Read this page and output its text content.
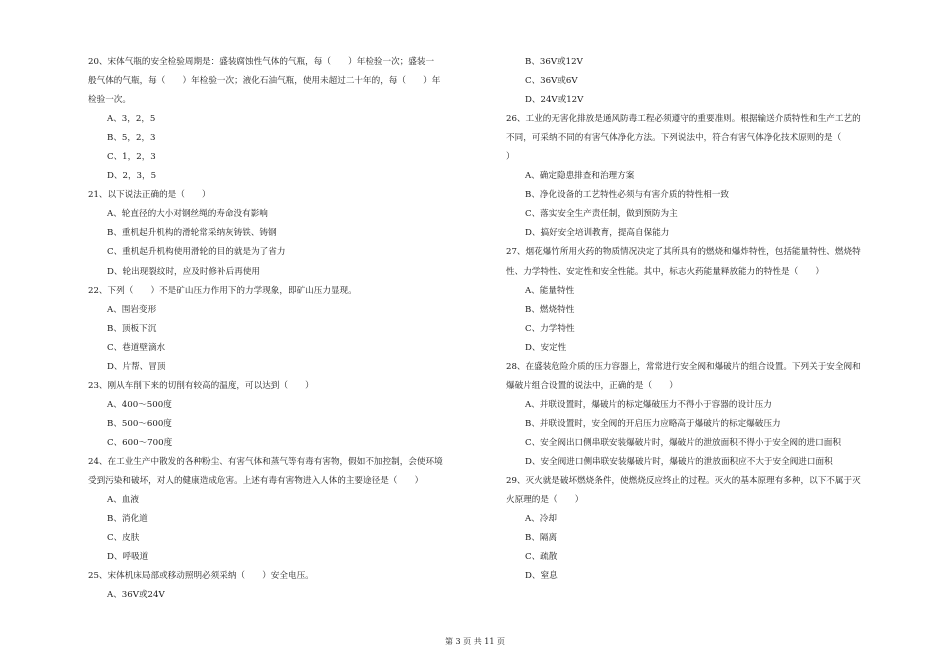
20、宋体气瓶的安全检验周期是：盛装腐蚀性气体的气瓶，每（　　）年检验一次；盛装一
般气体的气瓶，每（　　）年检验一次；液化石油气瓶，使用未超过二十年的，每（　　）年
检验一次。
A、3，2，5
B、5，2，3
C、1，2，3
D、2，3，5
21、以下说法正确的是（　　）
A、轮直径的大小对钢丝绳的寿命没有影响
B、重机起升机构的滑轮常采纳灰铸铁、铸钢
C、重机起升机构使用滑轮的目的就是为了省力
D、轮出现裂纹时，应及时修补后再使用
22、下列（　　）不是矿山压力作用下的力学现象，即矿山压力显现。
A、围岩变形
B、顶板下沉
C、巷道壁滴水
D、片帮、冒顶
23、刚从车削下来的切削有较高的温度，可以达到（　　）
A、400～500度
B、500～600度
C、600～700度
24、在工业生产中散发的各种粉尘、有害气体和蒸气等有毒有害物，假如不加控制，会使环境
受到污染和破坏，对人的健康造成危害。上述有毒有害物进入人体的主要途径是（　　）
A、血液
B、消化道
C、皮肤
D、呼吸道
25、宋体机床局部或移动照明必须采纳（　　）安全电压。
A、36V或24V
B、36V或12V
C、36V或6V
D、24V或12V
26、工业的无害化排放是通风防毒工程必须遵守的重要准则。根据输送介质特性和生产工艺的
不同，可采纳不同的有害气体净化方法。下列说法中，符合有害气体净化技术原则的是（
）
A、确定隐患排查和治理方案
B、净化设备的工艺特性必须与有害介质的特性相一致
C、落实安全生产责任制，做到预防为主
D、搞好安全培训教育，提高自保能力
27、烟花爆竹所用火药的物质情况决定了其所具有的燃烧和爆炸特性，包括能量特性、燃烧特
性、力学特性、安定性和安全性能。其中，标志火药能量释放能力的特性是（　　）
A、能量特性
B、燃烧特性
C、力学特性
D、安定性
28、在盛装危险介质的压力容器上，常常进行安全阀和爆破片的组合设置。下列关于安全阀和
爆破片组合设置的说法中，正确的是（　　）
A、并联设置时，爆破片的标定爆破压力不得小于容器的设计压力
B、并联设置时，安全阀的开启压力应略高于爆破片的标定爆破压力
C、安全阀出口侧串联安装爆破片时，爆破片的泄放面积不得小于安全阀的进口面积
D、安全阀进口侧串联安装爆破片时，爆破片的泄放面积应不大于安全阀进口面积
29、灭火就是破坏燃烧条件，使燃烧反应终止的过程。灭火的基本原理有多种，以下不属于灭
火原理的是（　　）
A、冷却
B、隔离
C、疏散
D、窒息
第 3 页 共 11 页
